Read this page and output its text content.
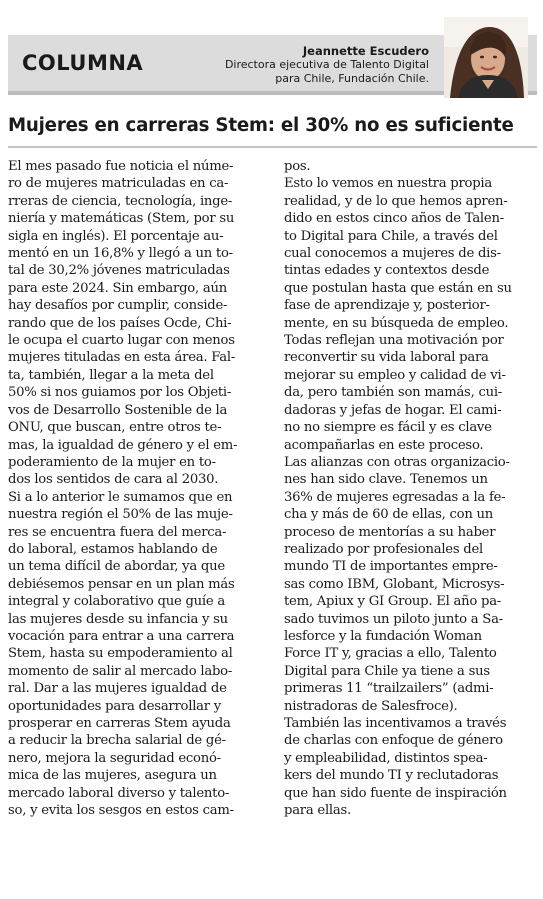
COLUMNA	Jeannette Escudero
Directora ejecutiva de Talento Digital para Chile, Fundación Chile.
Mujeres en carreras Stem: el 30% no es suficiente
El mes pasado fue noticia el núme-
ro de mujeres matriculadas en ca-
rreras de ciencia, tecnología, inge-
niería y matemáticas (Stem, por su
sigla en inglés). El porcentaje au-
mentó en un 16,8% y llegó a un to-
tal de 30,2% jóvenes matriculadas
para este 2024. Sin embargo, aún
hay desafíos por cumplir, conside-
rando que de los países Ocde, Chi-
le ocupa el cuarto lugar con menos
mujeres tituladas en esta área. Fal-
ta, también, llegar a la meta del
50% si nos guiamos por los Objeti-
vos de Desarrollo Sostenible de la
ONU, que buscan, entre otros te-
mas, la igualdad de género y el em-
poderamiento de la mujer en to-
dos los sentidos de cara al 2030.
Si a lo anterior le sumamos que en
nuestra región el 50% de las muje-
res se encuentra fuera del merca-
do laboral, estamos hablando de
un tema difícil de abordar, ya que
debiésemos pensar en un plan más
integral y colaborativo que guíe a
las mujeres desde su infancia y su
vocación para entrar a una carrera
Stem, hasta su empoderamiento al
momento de salir al mercado labo-
ral. Dar a las mujeres igualdad de
oportunidades para desarrollar y
prosperar en carreras Stem ayuda
a reducir la brecha salarial de gé-
nero, mejora la seguridad econó-
mica de las mujeres, asegura un
mercado laboral diverso y talento-
so, y evita los sesgos en estos cam-
pos.
Esto lo vemos en nuestra propia
realidad, y de lo que hemos apren-
dido en estos cinco años de Talen-
to Digital para Chile, a través del
cual conocemos a mujeres de dis-
tintas edades y contextos desde
que postulan hasta que están en su
fase de aprendizaje y, posterior-
mente, en su búsqueda de empleo.
Todas reflejan una motivación por
reconvertir su vida laboral para
mejorar su empleo y calidad de vi-
da, pero también son mamás, cui-
dadoras y jefas de hogar. El cami-
no no siempre es fácil y es clave
acompañarlas en este proceso.
Las alianzas con otras organizacio-
nes han sido clave. Tenemos un
36% de mujeres egresadas a la fe-
cha y más de 60 de ellas, con un
proceso de mentorías a su haber
realizado por profesionales del
mundo TI de importantes empre-
sas como IBM, Globant, Microsys-
tem, Apiux y GI Group. El año pa-
sado tuvimos un piloto junto a Sa-
lesforce y la fundación Woman
Force IT y, gracias a ello, Talento
Digital para Chile ya tiene a sus
primeras 11 “trailzailers” (admi-
nistradoras de Salesfroce).
También las incentivamos a través
de charlas con enfoque de género
y empleabilidad, distintos spea-
kers del mundo TI y reclutadoras
que han sido fuente de inspiración
para ellas.
